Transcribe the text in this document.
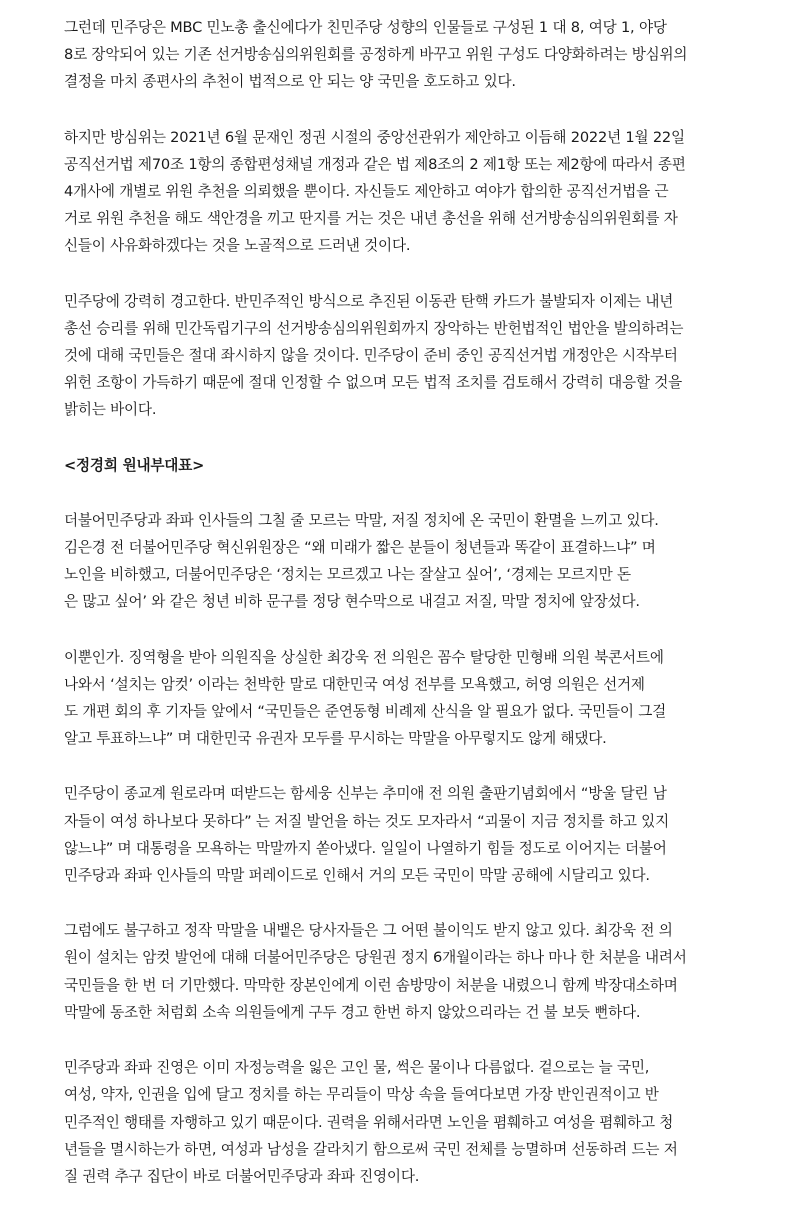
그런데 민주당은 MBC 민노총 출신에다가 친민주당 성향의 인물들로 구성된 1 대 8, 여당 1, 야당
8로 장악되어 있는 기존 선거방송심의위원회를 공정하게 바꾸고 위원 구성도 다양화하려는 방심위의
결정을 마치 종편사의 추천이 법적으로 안 되는 양 국민을 호도하고 있다.
하지만 방심위는 2021년 6월 문재인 정권 시절의 중앙선관위가 제안하고 이듬해 2022년 1월 22일
공직선거법 제70조 1항의 종합편성채널 개정과 같은 법 제8조의 2 제1항 또는 제2항에 따라서 종편
4개사에 개별로 위원 추천을 의뢰했을 뿐이다. 자신들도 제안하고 여야가 합의한 공직선거법을 근
거로 위원 추천을 해도 색안경을 끼고 딴지를 거는 것은 내년 총선을 위해 선거방송심의위원회를 자
신들이 사유화하겠다는 것을 노골적으로 드러낸 것이다.
민주당에 강력히 경고한다. 반민주적인 방식으로 추진된 이동관 탄핵 카드가 불발되자 이제는 내년
총선 승리를 위해 민간독립기구의 선거방송심의위원회까지 장악하는 반헌법적인 법안을 발의하려는
것에 대해 국민들은 절대 좌시하지 않을 것이다. 민주당이 준비 중인 공직선거법 개정안은 시작부터
위헌 조항이 가득하기 때문에 절대 인정할 수 없으며 모든 법적 조치를 검토해서 강력히 대응할 것을
밝히는 바이다.
<정경희 원내부대표>
더불어민주당과 좌파 인사들의 그칠 줄 모르는 막말, 저질 정치에 온 국민이 환멸을 느끼고 있다.
김은경 전 더불어민주당 혁신위원장은 “왜 미래가 짧은 분들이 청년들과 똑같이 표결하느냐” 며
노인을 비하했고, 더불어민주당은 ‘정치는 모르겠고 나는 잘살고 싶어’, ‘경제는 모르지만 돈
은 많고 싶어’ 와 같은 청년 비하 문구를 정당 현수막으로 내걸고 저질, 막말 정치에 앞장섰다.
이뿐인가. 징역형을 받아 의원직을 상실한 최강욱 전 의원은 꼼수 탈당한 민형배 의원 북콘서트에
나와서 ‘설치는 암컷’ 이라는 천박한 말로 대한민국 여성 전부를 모욕했고, 허영 의원은 선거제
도 개편 회의 후 기자들 앞에서 “국민들은 준연동형 비례제 산식을 알 필요가 없다. 국민들이 그걸
알고 투표하느냐” 며 대한민국 유권자 모두를 무시하는 막말을 아무렇지도 않게 해댔다.
민주당이 종교계 원로라며 떠받드는 함세웅 신부는 추미애 전 의원 출판기념회에서 “방울 달린 남
자들이 여성 하나보다 못하다” 는 저질 발언을 하는 것도 모자라서 “괴물이 지금 정치를 하고 있지
않느냐” 며 대통령을 모욕하는 막말까지 쏟아냈다. 일일이 나열하기 힘들 정도로 이어지는 더불어
민주당과 좌파 인사들의 막말 퍼레이드로 인해서 거의 모든 국민이 막말 공해에 시달리고 있다.
그럼에도 불구하고 정작 막말을 내뱉은 당사자들은 그 어떤 불이익도 받지 않고 있다. 최강욱 전 의
원이 설치는 암컷 발언에 대해 더불어민주당은 당원권 정지 6개월이라는 하나 마나 한 처분을 내려서
국민들을 한 번 더 기만했다. 막막한 장본인에게 이런 솜방망이 처분을 내렸으니 함께 박장대소하며
막말에 동조한 처럼회 소속 의원들에게 구두 경고 한번 하지 않았으리라는 건 불 보듯 뻔하다.
민주당과 좌파 진영은 이미 자정능력을 잃은 고인 물, 썩은 물이나 다름없다. 겉으로는 늘 국민,
여성, 약자, 인권을 입에 달고 정치를 하는 무리들이 막상 속을 들여다보면 가장 반인권적이고 반
민주적인 행태를 자행하고 있기 때문이다. 권력을 위해서라면 노인을 폄훼하고 여성을 폄훼하고 청
년들을 멸시하는가 하면, 여성과 남성을 갈라치기 함으로써 국민 전체를 능멸하며 선동하려 드는 저
질 권력 추구 집단이 바로 더불어민주당과 좌파 진영이다.
